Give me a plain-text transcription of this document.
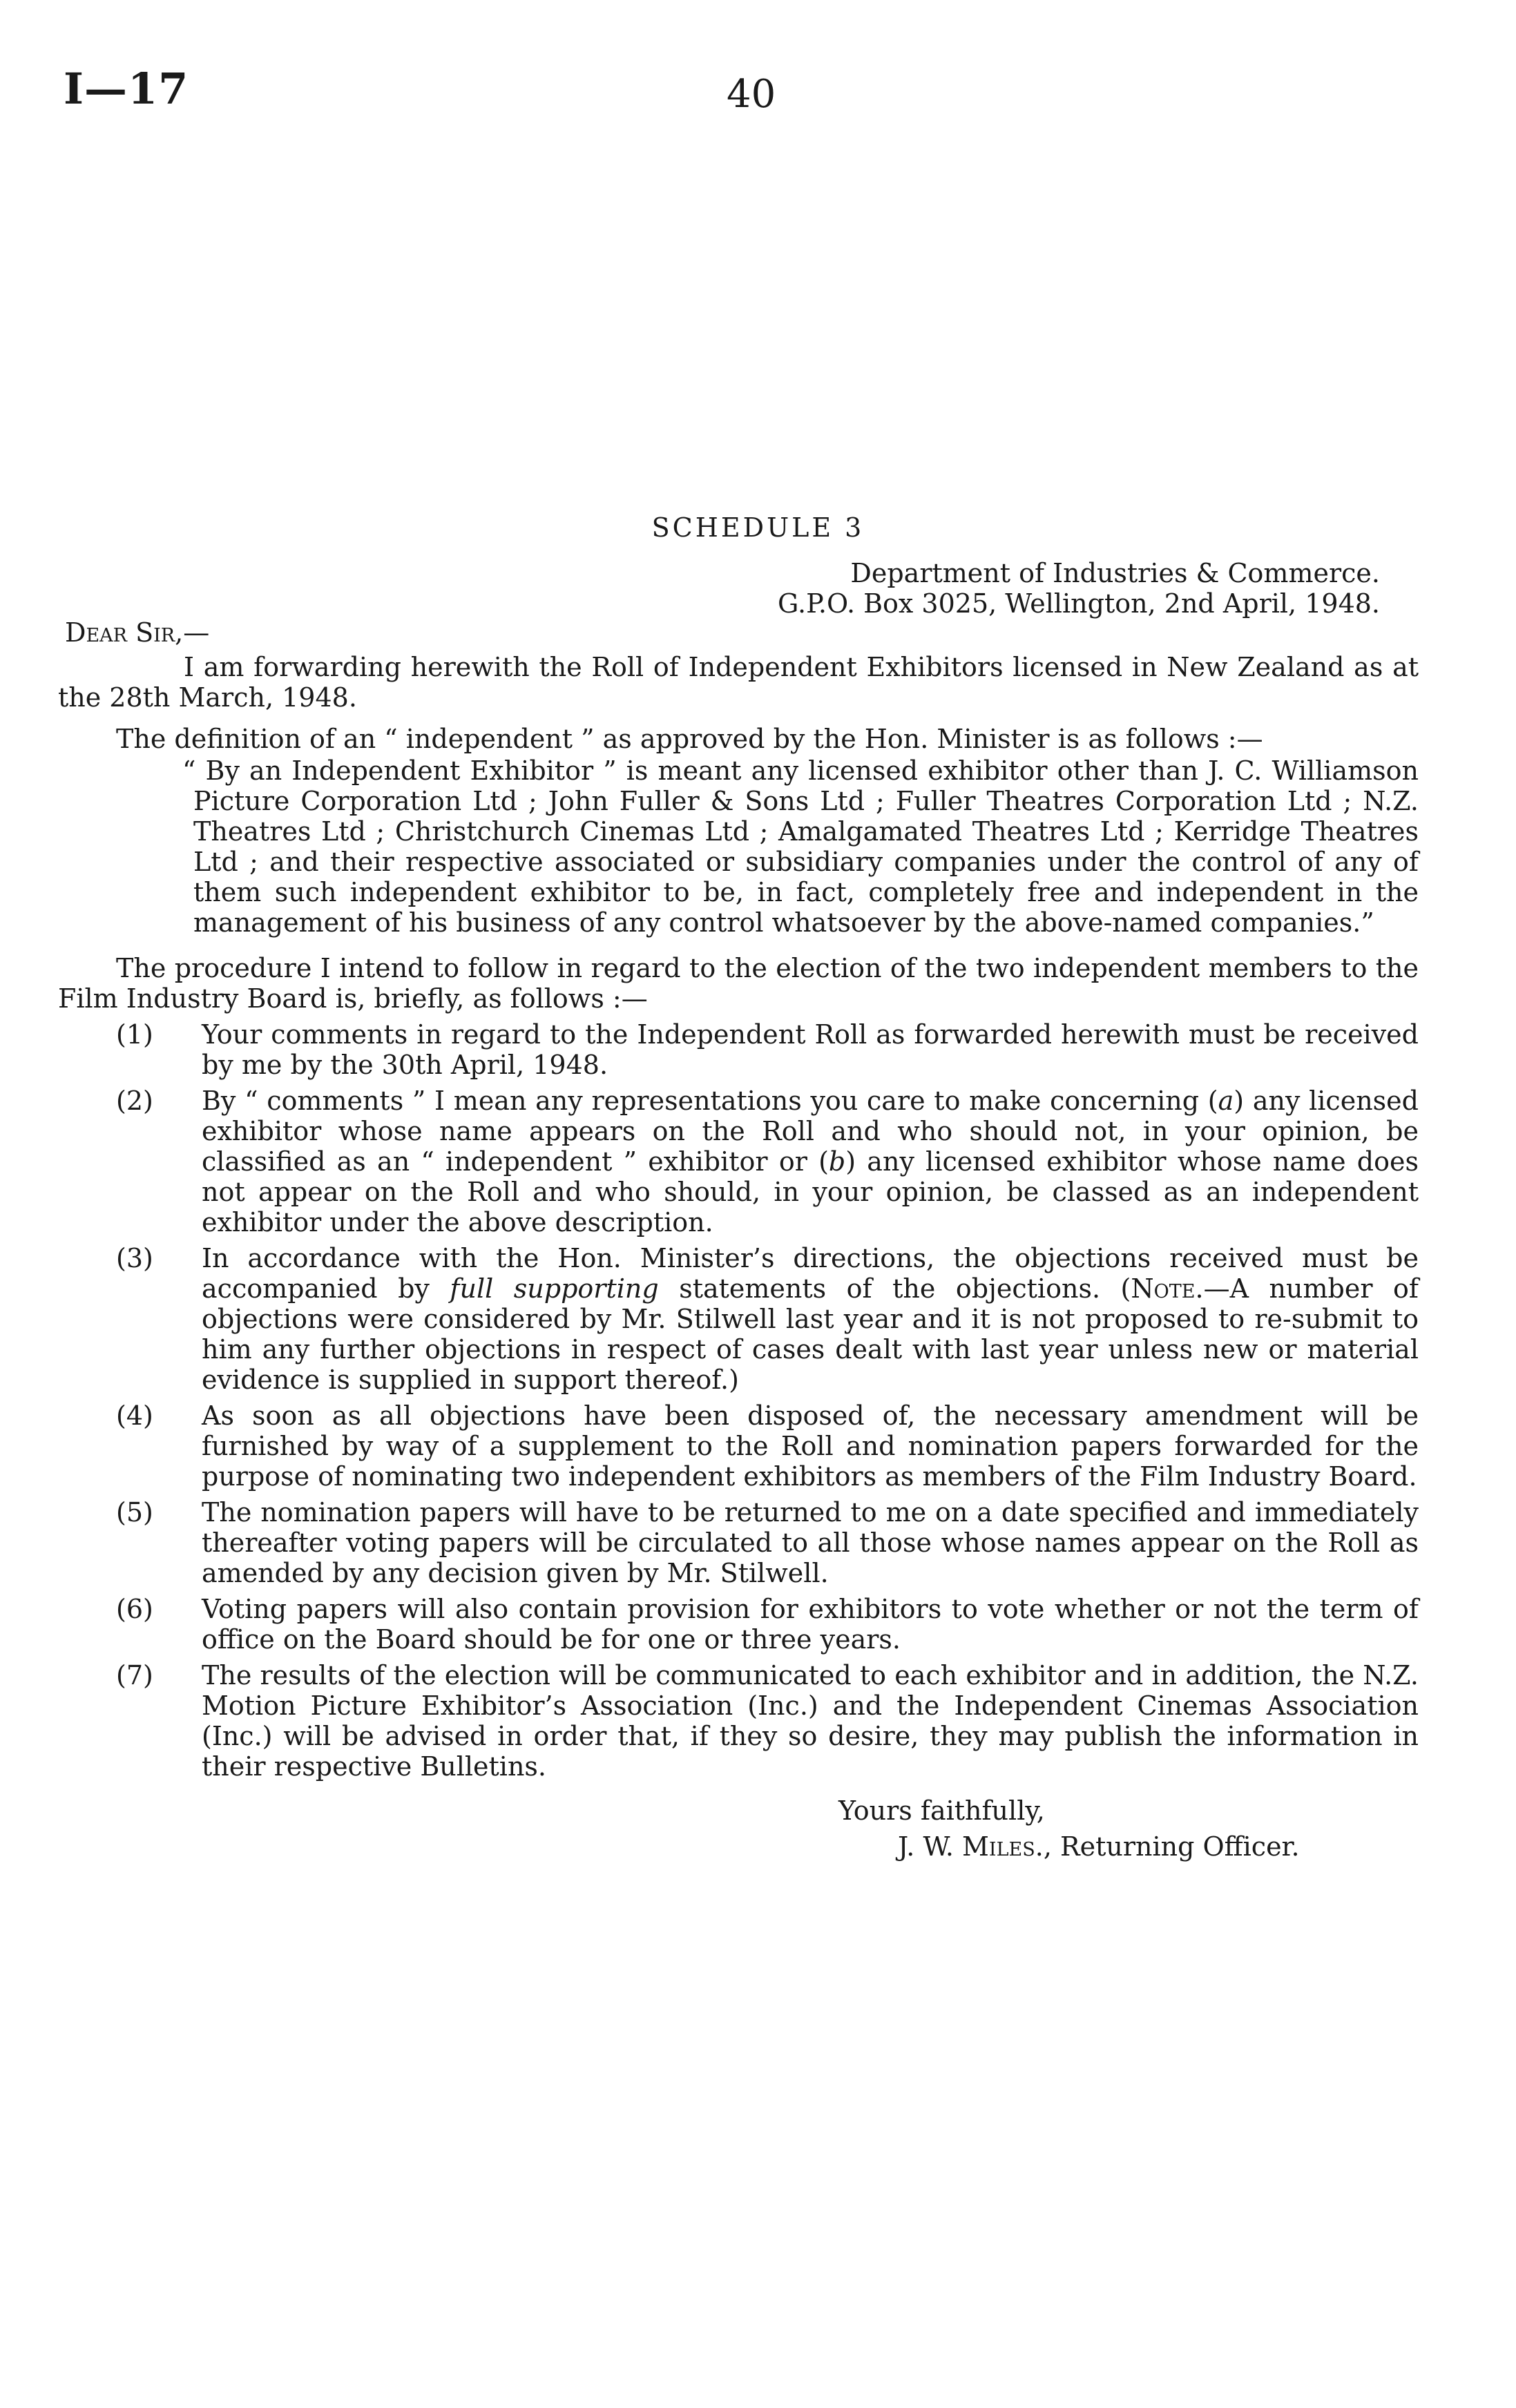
I—17	40
SCHEDULE 3
Department of Industries & Commerce.
G.P.O. Box 3025, Wellington, 2nd April, 1948.
Dear Sir,—

I am forwarding herewith the Roll of Independent Exhibitors licensed in New Zealand as at the 28th March, 1948.

The definition of an “ independent ” as approved by the Hon. Minister is as follows :—

“ By an Independent Exhibitor ” is meant any licensed exhibitor other than J. C. Williamson Picture Corporation Ltd ; John Fuller & Sons Ltd ; Fuller Theatres Corporation Ltd ; N.Z. Theatres Ltd ; Christchurch Cinemas Ltd ; Amalgamated Theatres Ltd ; Kerridge Theatres Ltd ; and their respective associated or subsidiary companies under the control of any of them such independent exhibitor to be, in fact, completely free and independent in the management of his business of any control whatsoever by the above-named companies.”

The procedure I intend to follow in regard to the election of the two independent members to the Film Industry Board is, briefly, as follows :—

(1) Your comments in regard to the Independent Roll as forwarded herewith must be received by me by the 30th April, 1948.
(2) By “ comments ” I mean any representations you care to make concerning (a) any licensed exhibitor whose name appears on the Roll and who should not, in your opinion, be classified as an “ independent ” exhibitor or (b) any licensed exhibitor whose name does not appear on the Roll and who should, in your opinion, be classed as an independent exhibitor under the above description.
(3) In accordance with the Hon. Minister’s directions, the objections received must be accompanied by full supporting statements of the objections. (Note.—A number of objections were considered by Mr. Stilwell last year and it is not proposed to re-submit to him any further objections in respect of cases dealt with last year unless new or material evidence is supplied in support thereof.)
(4) As soon as all objections have been disposed of, the necessary amendment will be furnished by way of a supplement to the Roll and nomination papers forwarded for the purpose of nominating two independent exhibitors as members of the Film Industry Board.
(5) The nomination papers will have to be returned to me on a date specified and immediately thereafter voting papers will be circulated to all those whose names appear on the Roll as amended by any decision given by Mr. Stilwell.
(6) Voting papers will also contain provision for exhibitors to vote whether or not the term of office on the Board should be for one or three years.
(7) The results of the election will be communicated to each exhibitor and in addition, the N.Z. Motion Picture Exhibitor’s Association (Inc.) and the Independent Cinemas Association (Inc.) will be advised in order that, if they so desire, they may publish the information in their respective Bulletins.
Yours faithfully,
J. W. Miles., Returning Officer.
